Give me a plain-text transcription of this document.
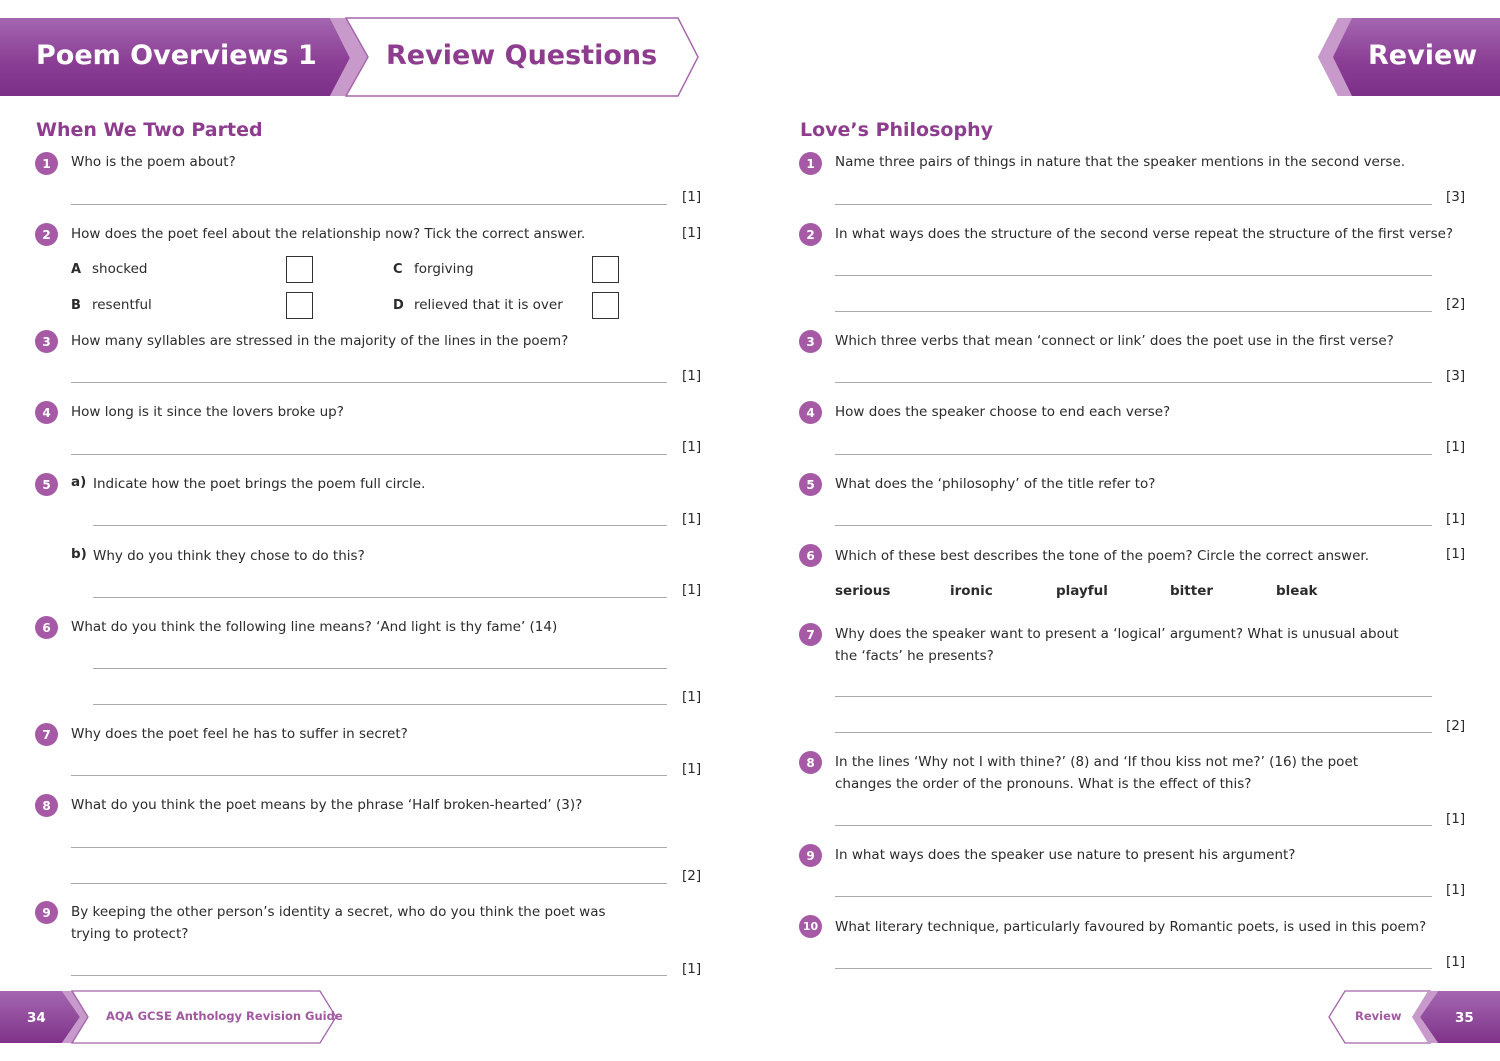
Poem Overviews 1	Review Questions	Review
When We Two Parted
1	Who is the poem about?
[1]
2	How does the poet feel about the relationship now? Tick the correct answer.	[1]
A shocked	C forgiving
B resentful	D relieved that it is over
3	How many syllables are stressed in the majority of the lines in the poem?
[1]
4	How long is it since the lovers broke up?
[1]
5	a) Indicate how the poet brings the poem full circle.
[1]
b) Why do you think they chose to do this?
[1]
6	What do you think the following line means? ‘And light is thy fame’ (14)
[1]
7	Why does the poet feel he has to suffer in secret?
[1]
8	What do you think the poet means by the phrase ‘Half broken-hearted’ (3)?
[2]
9	By keeping the other person’s identity a secret, who do you think the poet was trying to protect?
[1]
Love’s Philosophy
1	Name three pairs of things in nature that the speaker mentions in the second verse.
[3]
2	In what ways does the structure of the second verse repeat the structure of the first verse?
[2]
3	Which three verbs that mean ‘connect or link’ does the poet use in the first verse?
[3]
4	How does the speaker choose to end each verse?
[1]
5	What does the ‘philosophy’ of the title refer to?
[1]
6	Which of these best describes the tone of the poem? Circle the correct answer.	[1]
serious	ironic	playful	bitter	bleak
7	Why does the speaker want to present a ‘logical’ argument? What is unusual about the ‘facts’ he presents?
[2]
8	In the lines ‘Why not I with thine?’ (8) and ‘If thou kiss not me?’ (16) the poet changes the order of the pronouns. What is the effect of this?
[1]
9	In what ways does the speaker use nature to present his argument?
[1]
10 What literary technique, particularly favoured by Romantic poets, is used in this poem?
[1]
34	AQA GCSE Anthology Revision Guide	Review	35
